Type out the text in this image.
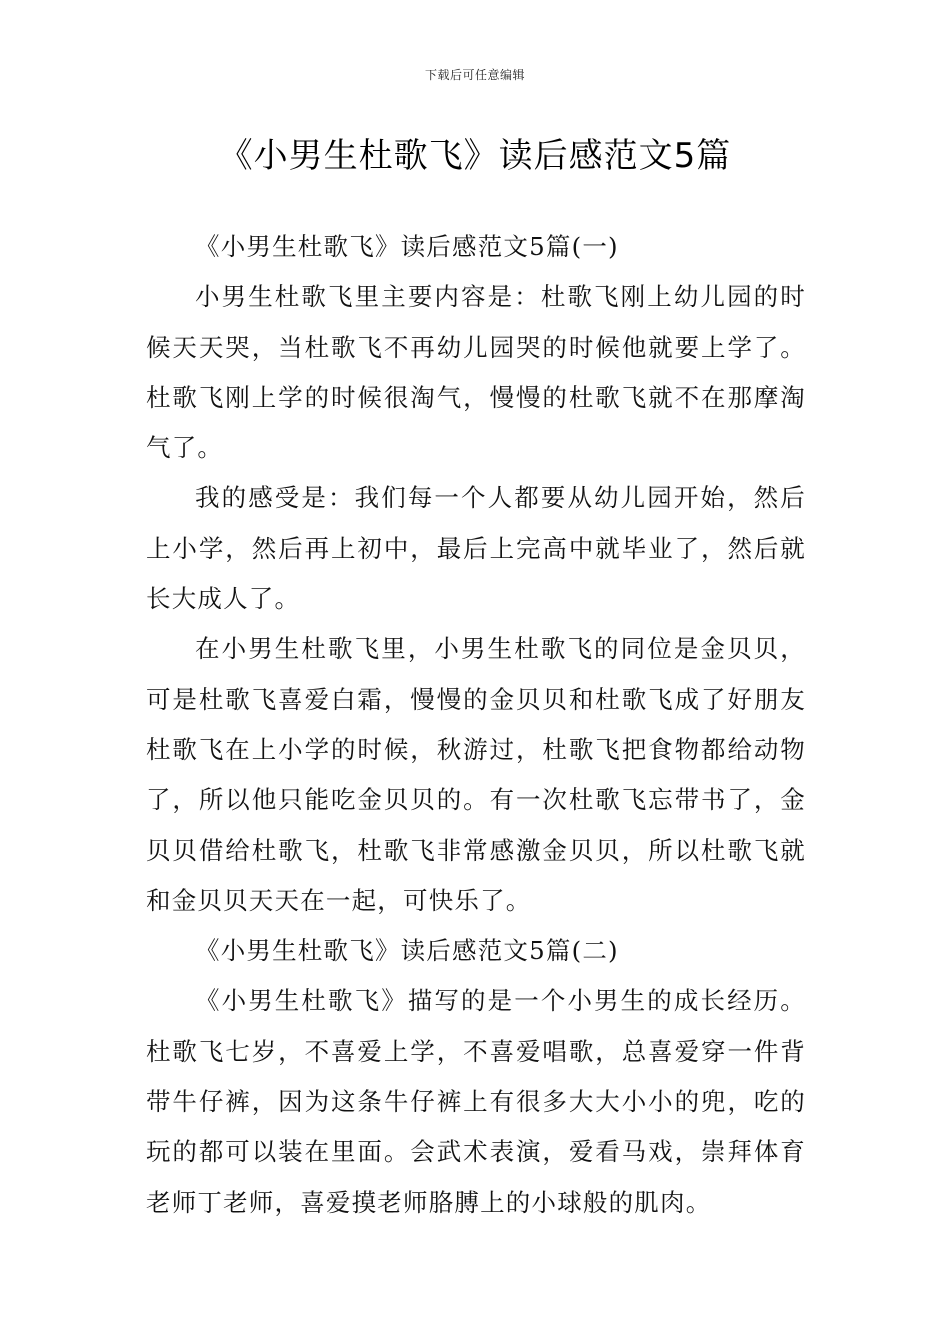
下载后可任意编辑
《小男生杜歌飞》读后感范文5篇

《小男生杜歌飞》读后感范文5篇(一)

小男生杜歌飞里主要内容是：杜歌飞刚上幼儿园的时候天天哭，当杜歌飞不再幼儿园哭的时候他就要上学了。杜歌飞刚上学的时候很淘气，慢慢的杜歌飞就不在那摩淘气了。

我的感受是：我们每一个人都要从幼儿园开始，然后上小学，然后再上初中，最后上完高中就毕业了，然后就长大成人了。

在小男生杜歌飞里，小男生杜歌飞的同位是金贝贝，可是杜歌飞喜爱白霜，慢慢的金贝贝和杜歌飞成了好朋友杜歌飞在上小学的时候，秋游过，杜歌飞把食物都给动物了，所以他只能吃金贝贝的。有一次杜歌飞忘带书了，金贝贝借给杜歌飞，杜歌飞非常感激金贝贝，所以杜歌飞就和金贝贝天天在一起，可快乐了。

《小男生杜歌飞》读后感范文5篇(二)

《小男生杜歌飞》描写的是一个小男生的成长经历。杜歌飞七岁，不喜爱上学，不喜爱唱歌，总喜爱穿一件背带牛仔裤，因为这条牛仔裤上有很多大大小小的兜，吃的玩的都可以装在里面。会武术表演，爱看马戏，崇拜体育老师丁老师，喜爱摸老师胳膊上的小球般的肌肉。
